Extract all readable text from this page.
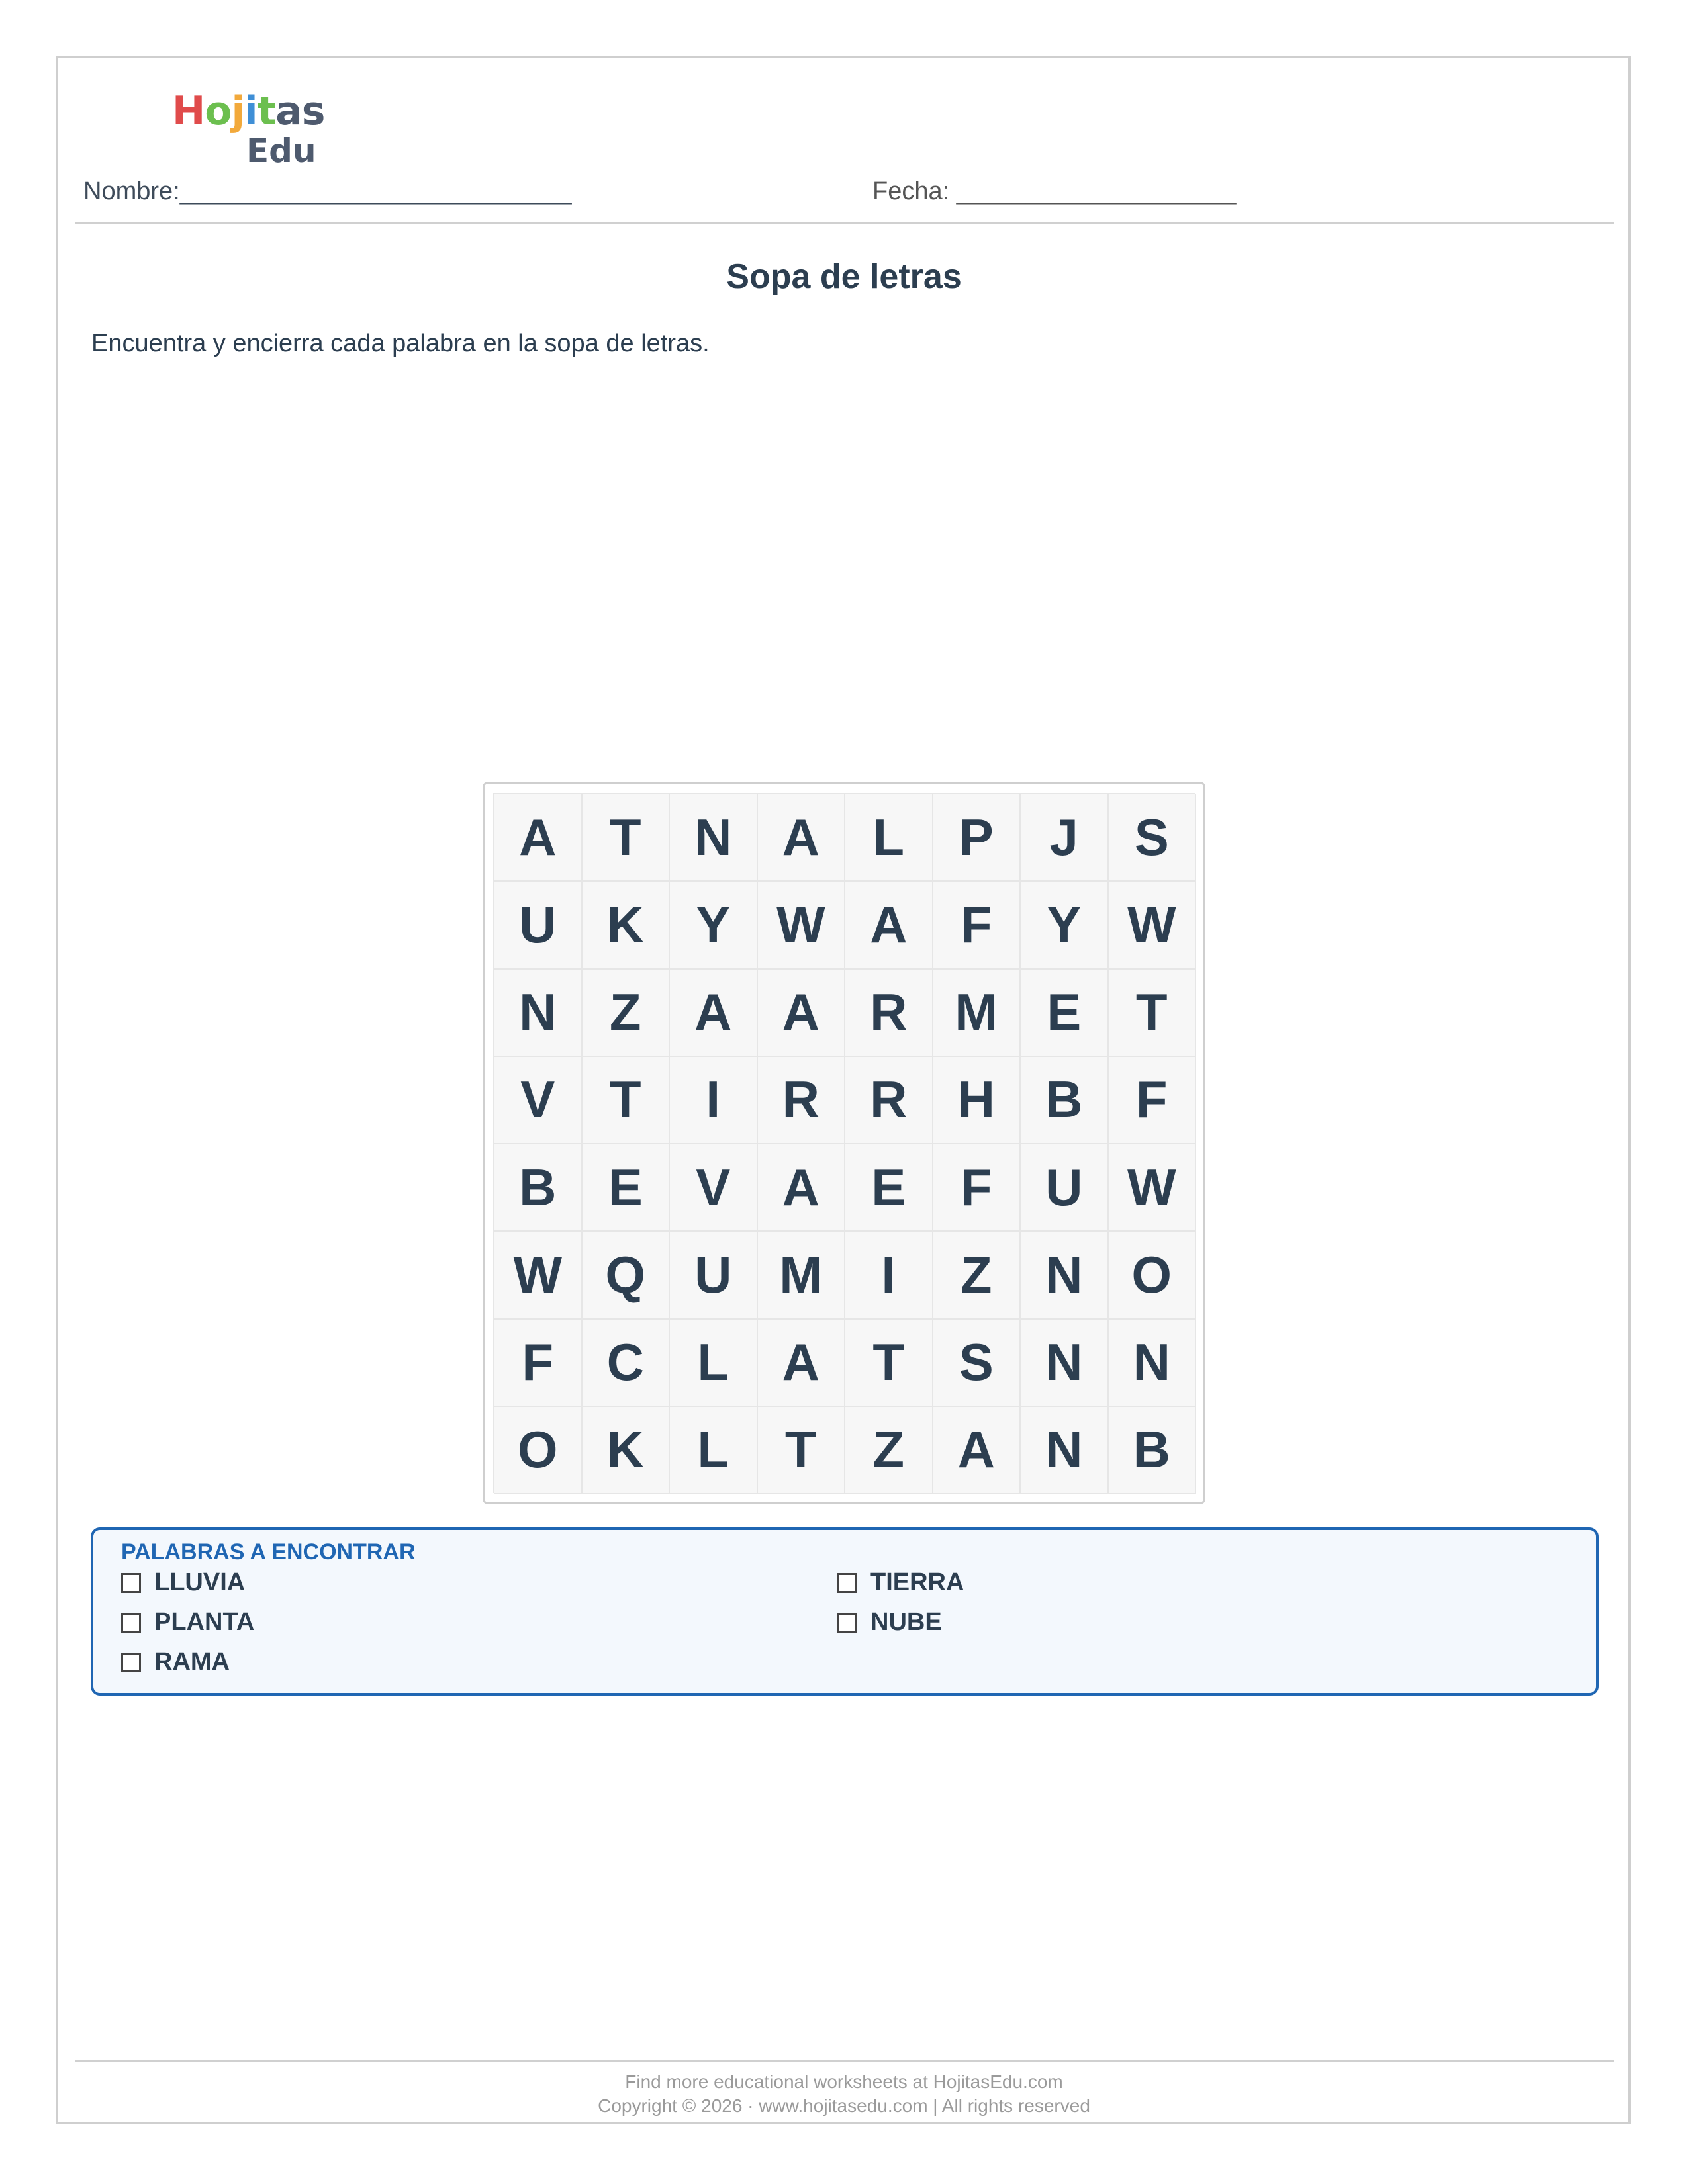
Hojitas
Edu
Nombre:____________________________	Fecha: ____________________
Sopa de letras
Encuentra y encierra cada palabra en la sopa de letras.
A	T	N A	L	P	J	S
U K	Y W A	F	Y W
N	Z	A A R M E	T
V	T	I	R R H B	F
B	E	V	A	E	F	U W
W Q U M	I	Z	N O
F	C	L	A	T	S	N N
O K	L	T	Z	A N B
PALABRAS A ENCONTRAR
LLUVIA	TIERRA
PLANTA	NUBE
RAMA
Find more educational worksheets at HojitasEdu.com
Copyright © 2026 · www.hojitasedu.com | All rights reserved
